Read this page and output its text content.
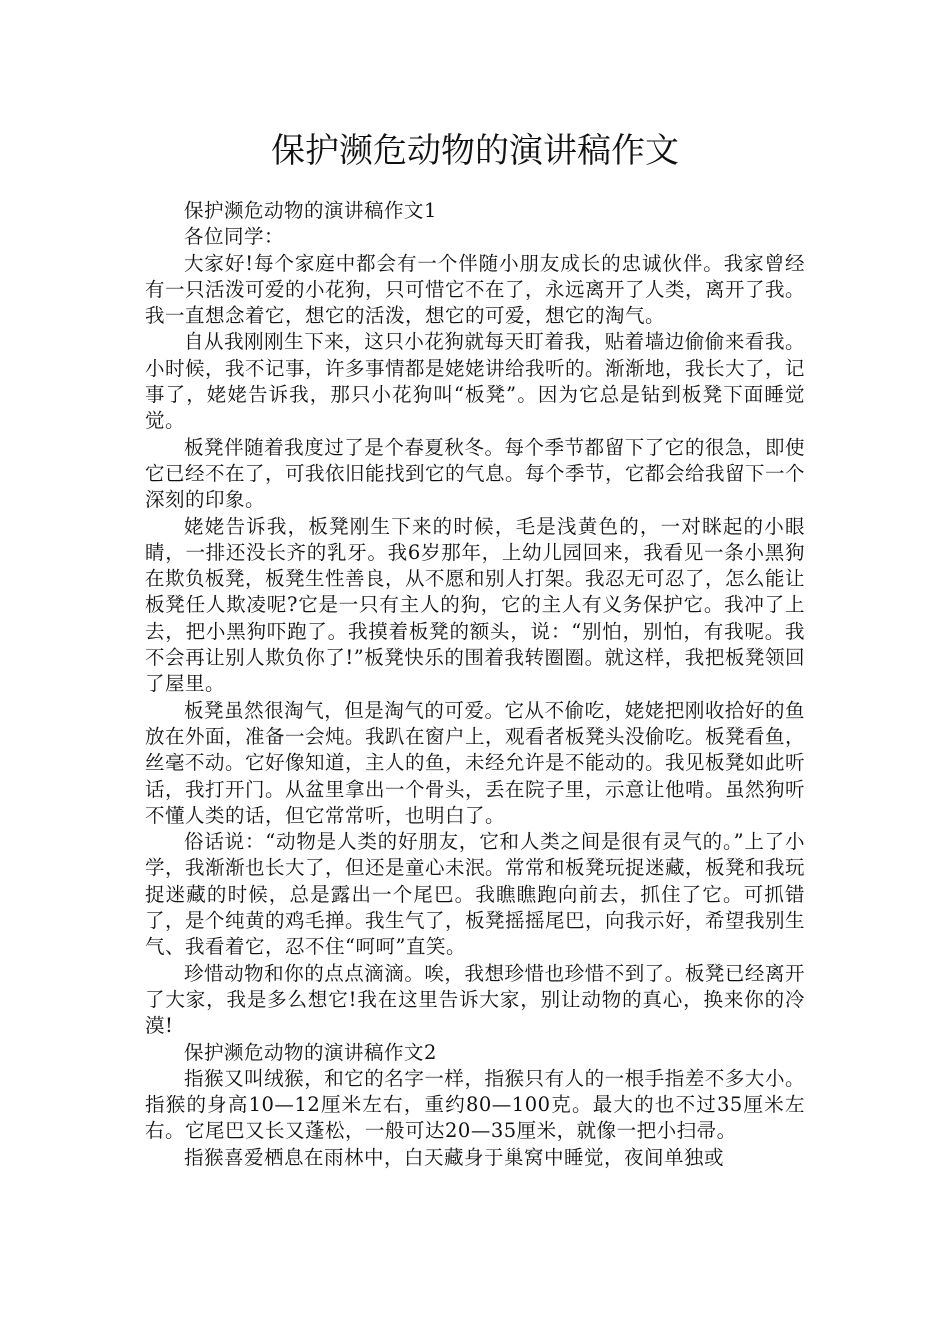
保护濒危动物的演讲稿作文

保护濒危动物的演讲稿作文1

各位同学：

大家好!每个家庭中都会有一个伴随小朋友成长的忠诚伙伴。我家曾经有一只活泼可爱的小花狗，只可惜它不在了，永远离开了人类，离开了我。我一直想念着它，想它的活泼，想它的可爱，想它的淘气。

自从我刚刚生下来，这只小花狗就每天盯着我，贴着墙边偷偷来看我。小时候，我不记事，许多事情都是姥姥讲给我听的。渐渐地，我长大了，记事了，姥姥告诉我，那只小花狗叫“板凳”。因为它总是钻到板凳下面睡觉觉。

板凳伴随着我度过了是个春夏秋冬。每个季节都留下了它的很急，即使它已经不在了，可我依旧能找到它的气息。每个季节，它都会给我留下一个深刻的印象。

姥姥告诉我，板凳刚生下来的时候，毛是浅黄色的，一对眯起的小眼睛，一排还没长齐的乳牙。我6岁那年，上幼儿园回来，我看见一条小黑狗在欺负板凳，板凳生性善良，从不愿和别人打架。我忍无可忍了，怎么能让板凳任人欺凌呢?它是一只有主人的狗，它的主人有义务保护它。我冲了上去，把小黑狗吓跑了。我摸着板凳的额头，说：“别怕，别怕，有我呢。我不会再让别人欺负你了!”板凳快乐的围着我转圈圈。就这样，我把板凳领回了屋里。

板凳虽然很淘气，但是淘气的可爱。它从不偷吃，姥姥把刚收拾好的鱼放在外面，准备一会炖。我趴在窗户上，观看者板凳头没偷吃。板凳看鱼，丝毫不动。它好像知道，主人的鱼，未经允许是不能动的。我见板凳如此听话，我打开门。从盆里拿出一个骨头，丢在院子里，示意让他啃。虽然狗听不懂人类的话，但它常常听，也明白了。

俗话说：“动物是人类的好朋友，它和人类之间是很有灵气的。”上了小学，我渐渐也长大了，但还是童心未泯。常常和板凳玩捉迷藏，板凳和我玩捉迷藏的时候，总是露出一个尾巴。我瞧瞧跑向前去，抓住了它。可抓错了，是个纯黄的鸡毛掸。我生气了，板凳摇摇尾巴，向我示好，希望我别生气、我看着它，忍不住“呵呵”直笑。

珍惜动物和你的点点滴滴。唉，我想珍惜也珍惜不到了。板凳已经离开了大家，我是多么想它!我在这里告诉大家，别让动物的真心，换来你的冷漠!

保护濒危动物的演讲稿作文2

指猴又叫绒猴，和它的名字一样，指猴只有人的一根手指差不多大小。指猴的身高10—12厘米左右，重约80—100克。最大的也不过35厘米左右。它尾巴又长又蓬松，一般可达20—35厘米，就像一把小扫帚。

指猴喜爱栖息在雨林中，白天藏身于巢窝中睡觉，夜间单独或
